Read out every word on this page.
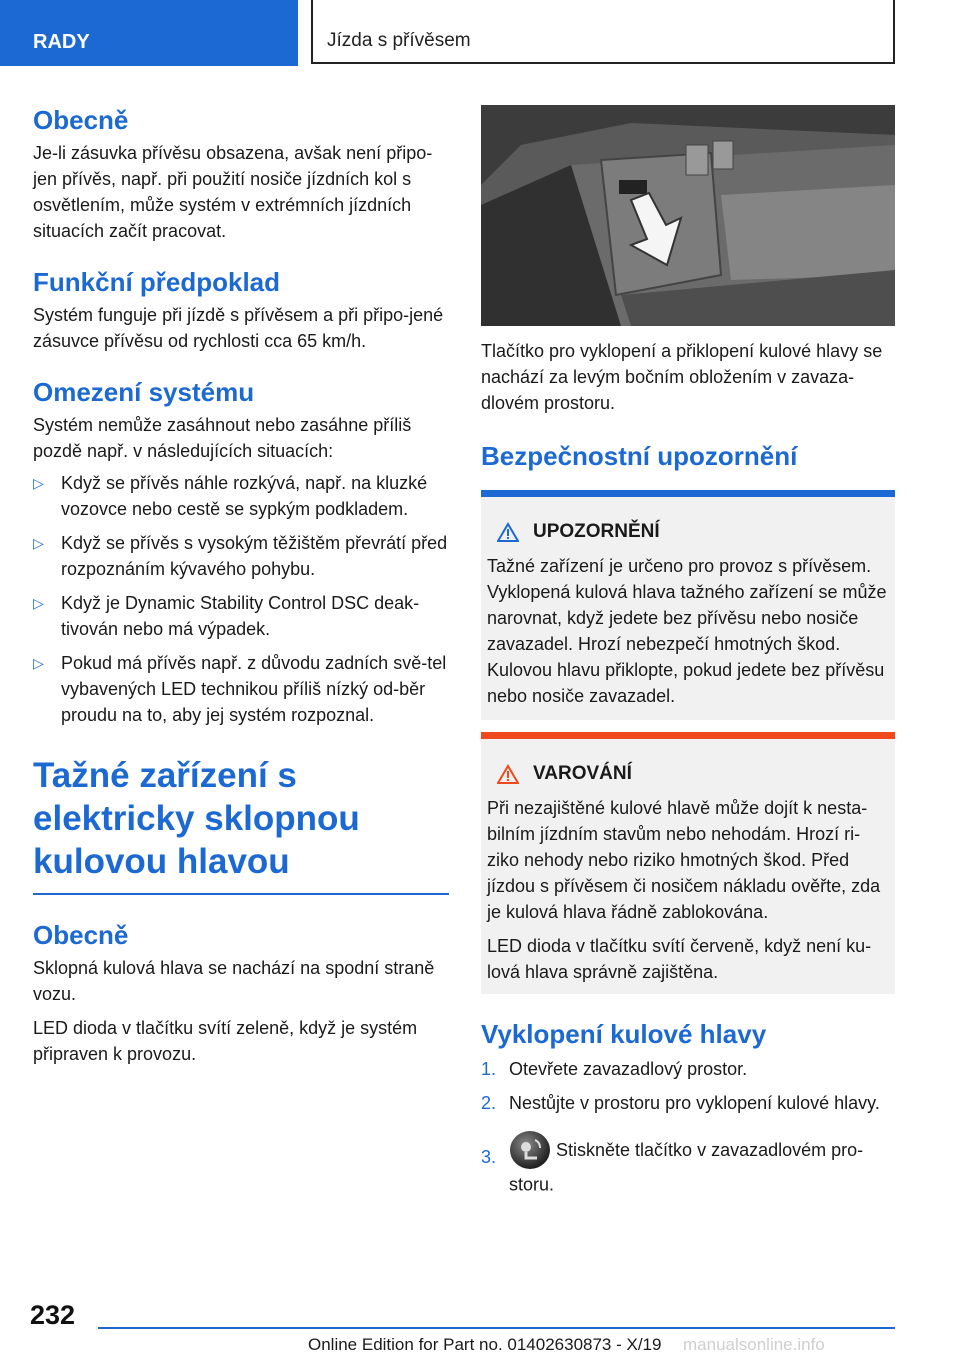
RADY	Jízda s přívěsem
Obecně

Je-li zásuvka přívěsu obsazena, avšak není připo-jen přívěs, např. při použití nosiče jízdních kol s osvětlením, může systém v extrémních jízdních situacích začít pracovat.

Funkční předpoklad

Systém funguje při jízdě s přívěsem a při připo-jené zásuvce přívěsu od rychlosti cca 65 km/h.

Omezení systému

Systém nemůže zasáhnout nebo zasáhne příliš pozdě např. v následujících situacích:

▷ Když se přívěs náhle rozkývá, např. na kluzké vozovce nebo cestě se sypkým podkladem.
▷ Když se přívěs s vysokým těžištěm převrátí před rozpoznáním kývavého pohybu.
▷ Když je Dynamic Stability Control DSC deak-tivován nebo má výpadek.
▷ Pokud má přívěs např. z důvodu zadních svě-tel vybavených LED technikou příliš nízký od-běr proudu na to, aby jej systém rozpoznal.
Tažné zařízení s elektricky sklopnou kulovou hlavou
Obecně

Sklopná kulová hlava se nachází na spodní straně vozu.

LED dioda v tlačítku svítí zeleně, když je systém připraven k provozu.

Tlačítko pro vyklopení a přiklopení kulové hlavy se nachází za levým bočním obložením v zavaza-dlovém prostoru.

Bezpečnostní upozornění
UPOZORNĚNÍ

Tažné zařízení je určeno pro provoz s přívěsem. Vyklopená kulová hlava tažného zařízení se může narovnat, když jedete bez přívěsu nebo nosiče zavazadel. Hrozí nebezpečí hmotných škod. Kulovou hlavu přiklopte, pokud jedete bez přívěsu nebo nosiče zavazadel.

VAROVÁNÍ

Při nezajištěné kulové hlavě může dojít k nesta-bilním jízdním stavům nebo nehodám. Hrozí ri-ziko nehody nebo riziko hmotných škod. Před jízdou s přívěsem či nosičem nákladu ověřte, zda je kulová hlava řádně zablokována.

LED dioda v tlačítku svítí červeně, když není ku-lová hlava správně zajištěna.

Vyklopení kulové hlavy
1. Otevřete zavazadlový prostor.
2. Nestůjte v prostoru pro vyklopení kulové hlavy.
3.	Stiskněte tlačítko v zavazadlovém pro-storu.
232
Online Edition for Part no. 01402630873 - X/19 manualsonline.info
